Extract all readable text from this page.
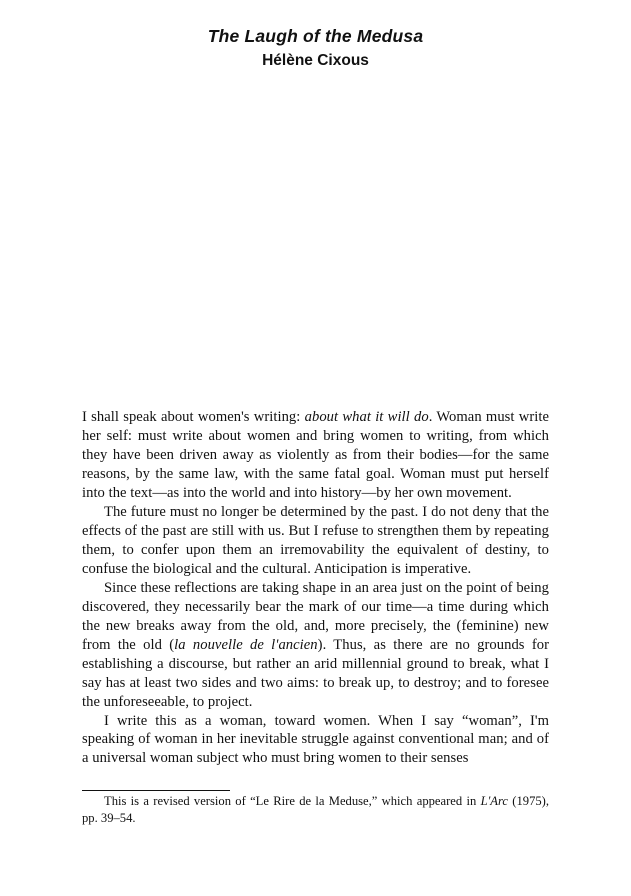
The Laugh of the Medusa
Hélène Cixous

I shall speak about women's writing: about what it will do. Woman must write her self: must write about women and bring women to writing, from which they have been driven away as violently as from their bodies—for the same reasons, by the same law, with the same fatal goal. Woman must put herself into the text—as into the world and into history—by her own movement.

The future must no longer be determined by the past. I do not deny that the effects of the past are still with us. But I refuse to strengthen them by repeating them, to confer upon them an irremovability the equivalent of destiny, to confuse the biological and the cultural. Anticipation is imperative.

Since these reflections are taking shape in an area just on the point of being discovered, they necessarily bear the mark of our time—a time during which the new breaks away from the old, and, more precisely, the (feminine) new from the old (la nouvelle de l'ancien). Thus, as there are no grounds for establishing a discourse, but rather an arid millennial ground to break, what I say has at least two sides and two aims: to break up, to destroy; and to foresee the unforeseeable, to project.

I write this as a woman, toward women. When I say “woman”, I'm speaking of woman in her inevitable struggle against conventional man; and of a universal woman subject who must bring women to their senses

This is a revised version of “Le Rire de la Meduse,” which appeared in L'Arc (1975), pp. 39–54.
